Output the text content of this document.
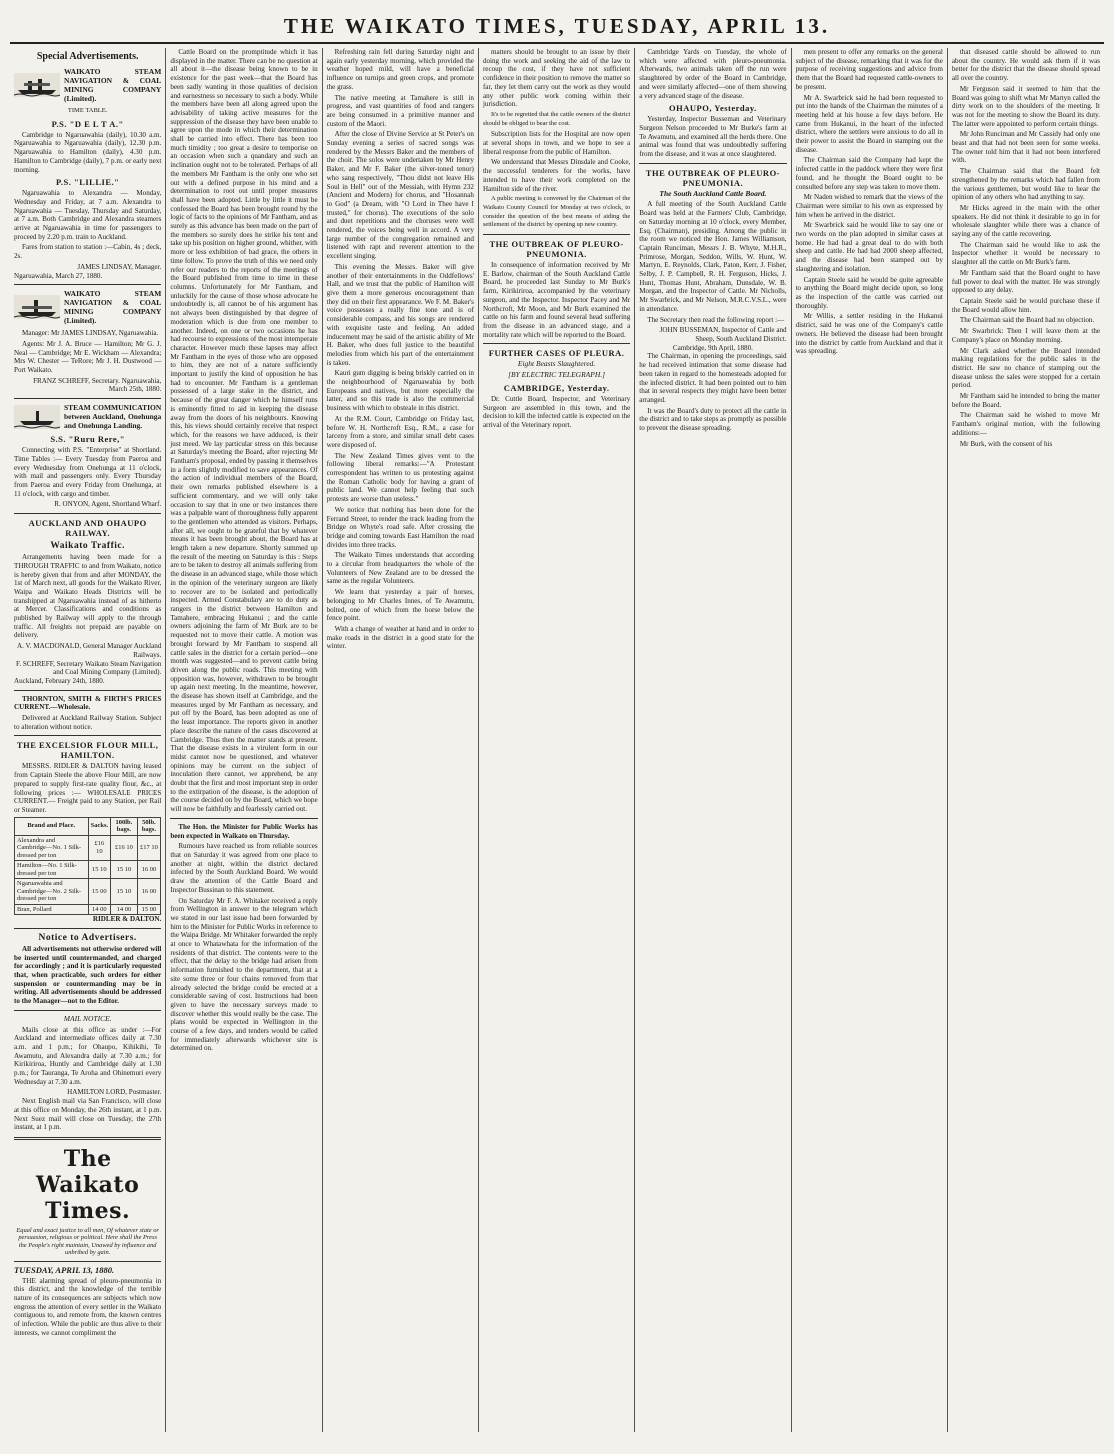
THE WAIKATO TIMES, TUESDAY, APRIL 13.
Special Advertisements.
WAIKATO STEAM NAVIGATION & COAL MINING COMPANY (Limited).
TIME TABLE.
P.S. "D E L T A."

Cambridge to Ngaruawahia (daily), 10.30 a.m. Ngaruawahia to Ngaruawahia (daily), 12.30 p.m. Ngaruawahia to Hamilton (daily), 4.30 p.m. Hamilton to Cambridge (daily), 7 p.m. or early next morning.

P.S. "LILLIE."

Ngaruawahia to Alexandra — Monday, Wednesday and Friday, at 7 a.m. Alexandra to Ngaruawahia — Tuesday, Thursday and Saturday, at 7 a.m. Both Cambridge and Alexandra steamers arrive at Ngaruawahia in time for passengers to proceed by 2.20 p.m. train to Auckland.

Fares from station to station :—Cabin, 4s ; deck, 2s.

JAMES LINDSAY, Manager.
Ngaruawahia, March 27, 1880.
WAIKATO STEAM NAVIGATION & COAL MINING COMPANY (Limited).

Manager: Mr JAMES LINDSAY, Ngaruawahia.

Agents: Mr J. A. Bruce — Hamilton; Mr G. J. Neal — Cambridge; Mr E. Wickham — Alexandra; Mrs W. Chester — TeRore; Mr J. H. Dustwood — Port Waikato.

FRANZ SCHREFF, Secretary. Ngaruawahia, March 25th, 1880.
STEAM COMMUNICATION between Auckland, Onehunga and Onehunga Landing.
S.S. "Ruru Rere,"

Connecting with P.S. "Enterprise" at Shortland. Time Tables :— Every Tuesday from Paeroa and every Wednesday from Onehunga at 11 o'clock, with mail and passengers only. Every Thursday from Paeroa and every Friday from Onehunga, at 11 o'clock, with cargo and timber.

R. ONYON, Agent, Shortland Wharf.
AUCKLAND AND OHAUPO RAILWAY.
Waikato Traffic.

Arrangements having been made for a THROUGH TRAFFIC to and from Waikato, notice is hereby given that from and after MONDAY, the 1st of March next, all goods for the Waikato River, Waipa and Waikato Heads Districts will be transhipped at Ngaruawahia instead of as hitherto at Mercer. Classifications and conditions as published by Railway will apply to the through traffic. All freights not prepaid are payable on delivery.

A. V. MACDONALD, General Manager Auckland Railways.
F. SCHREFF, Secretary Waikato Steam Navigation and Coal Mining Company (Limited).
Auckland, February 24th, 1880.

THORNTON, SMITH & FIRTH'S PRICES CURRENT.—Wholesale.

Delivered at Auckland Railway Station. Subject to alteration without notice.

THE EXCELSIOR FLOUR MILL, HAMILTON.

MESSRS. RIDLER & DALTON having leased from Captain Steele the above Flour Mill, are now prepared to supply first-rate quality flour, &c., at following prices :— WHOLESALE PRICES CURRENT.— Freight paid to any Station, per Rail or Steamer.

Brand and Place.	Sacks.	100lb. bags.	50lb. bags.
Alexandra and Cambridge—No. 1 Silk-dressed per ton	£16 10	£16 10	£17 10
Hamilton—No. 1 Silk-dressed per ton	15 10	15 10	16 00
Ngaruawahia and Cambridge—No. 2 Silk-dressed per ton	15 00	15 10	16 00
Bran, Pollard	14 00	14 00	15 00
RIDLER & DALTON.
Notice to Advertisers.

All advertisements not otherwise ordered will be inserted until countermanded, and charged for accordingly ; and it is particularly requested that, when practicable, such orders for either suspension or countermanding may be in writing. All advertisements should be addressed to the Manager—not to the Editor.

MAIL NOTICE.

Mails close at this office as under :—For Auckland and intermediate offices daily at 7.30 a.m. and 1 p.m.; for Ohaupo, Kihikihi, Te Awamutu, and Alexandra daily at 7.30 a.m.; for Kirikiriroa, Huntly and Cambridge daily at 1.30 p.m.; for Tauranga, Te Aroha and Ohinemuri every Wednesday at 7.30 a.m.

HAMILTON LORD, Postmaster.

Next English mail via San Francisco, will close at this office on Monday, the 26th instant, at 1 p.m. Next Suez mail will close on Tuesday, the 27th instant, at 1 p.m.

The Waikato Times.
Equal and exact justice to all men, Of whatever state or persuasion, religious or political. Here shall the Press the People's right maintain, Unawed by influence and unbribed by gain.

TUESDAY, APRIL 13, 1880.

THE alarming spread of pleuro-pneumonia in this district, and the knowledge of the terrible nature of its consequences are subjects which now engross the attention of every settler in the Waikato contiguous to, and remote from, the known centres of infection. While the public are thus alive to their interests, we cannot compliment the

Cattle Board on the promptitude which it has displayed in the matter. There can be no question at all about it—the disease being known to be in existence for the past week—that the Board has been sadly wanting in those qualities of decision and earnestness so necessary to such a body. While the members have been all along agreed upon the advisability of taking active measures for the suppression of the disease they have been unable to agree upon the mode in which their determination shall be carried into effect. There has been too much timidity ; too great a desire to temporise on an occasion when such a quandary and such an inclination ought not to be tolerated. Perhaps of all the members Mr Fantham is the only one who set out with a defined purpose in his mind and a determination to root out until proper measures shall have been adopted. Little by little it must be confessed the Board has been brought round by the logic of facts to the opinions of Mr Fantham, and as surely as this advance has been made on the part of the members so surely does he strike his tent and take up his position on higher ground, whither, with more or less exhibition of bad grace, the others in time follow. To prove the truth of this we need only refer our readers to the reports of the meetings of the Board published from time to time in these columns. Unfortunately for Mr Fantham, and unluckily for the cause of those whose advocate he undoubtedly is, all cannot be of his argument has not always been distinguished by that degree of moderation which is due from one member to another. Indeed, on one or two occasions he has had recourse to expressions of the most intemperate character. However much these lapses may affect Mr Fantham in the eyes of those who are opposed to him, they are not of a nature sufficiently important to justify the kind of opposition he has had to encounter. Mr Fantham is a gentleman possessed of a large stake in the district, and because of the great danger which he himself runs is eminently fitted to aid in keeping the disease away from the doors of his neighbours. Knowing this, his views should certainly receive that respect which, for the reasons we have adduced, is their just meed. We lay particular stress on this because at Saturday's meeting the Board, after rejecting Mr Fantham's proposal, ended by passing it themselves in a form slightly modified to save appearances. Of the action of individual members of the Board, their own remarks published elsewhere is a sufficient commentary, and we will only take occasion to say that in one or two instances there was a palpable want of thoroughness fully apparent to the gentlemen who attended as visitors. Perhaps, after all, we ought to be grateful that by whatever means it has been brought about, the Board has at length taken a new departure. Shortly summed up the result of the meeting on Saturday is this : Steps are to be taken to destroy all animals suffering from the disease in an advanced stage, while those which in the opinion of the veterinary surgeon are likely to recover are to be isolated and periodically inspected. Armed Constabulary are to do duty as rangers in the district between Hamilton and Tamahere, embracing Hukanui ; and the cattle owners adjoining the farm of Mr Burk are to be requested not to move their cattle. A motion was brought forward by Mr Fantham to suspend all cattle sales in the district for a certain period—one month was suggested—and to prevent cattle being driven along the public roads. This meeting with opposition was, however, withdrawn to be brought up again next meeting. In the meantime, however, the disease has shown itself at Cambridge, and the measures urged by Mr Fantham as necessary, and put off by the Board, has been adopted as one of the least importance. The reports given in another place describe the nature of the cases discovered at Cambridge. Thus then the matter stands at present. That the disease exists in a virulent form in our midst cannot now be questioned, and whatever opinions may be current on the subject of inoculation there cannot, we apprehend, be any doubt that the first and most important step in order to the extirpation of the disease, is the adoption of the course decided on by the Board, which we hope will now be faithfully and fearlessly carried out.

The Hon. the Minister for Public Works has been expected in Waikato on Thursday.

Rumours have reached us from reliable sources that on Saturday it was agreed from one place to another at night, within the district declared infected by the South Auckland Board. We would draw the attention of the Cattle Board and Inspector Bussinan to this statement.

On Saturday Mr F. A. Whitaker received a reply from Wellington in answer to the telegram which we stated in our last issue had been forwarded by him to the Minister for Public Works in reference to the Waipa Bridge. Mr Whitaker forwarded the reply at once to Whatawhata for the information of the residents of that district. The contents were to the effect, that the delay to the bridge had arisen from information furnished to the department, that at a site some three or four chains removed from that already selected the bridge could be erected at a considerable saving of cost. Instructions had been given to have the necessary surveys made to discover whether this would really be the case. The plans would be expected in Wellington in the course of a few days, and tenders would be called for immediately afterwards whichever site is determined on.

Refreshing rain fell during Saturday night and again early yesterday morning, which provided the weather hoped mild, will have a beneficial influence on turnips and green crops, and promote the grass.

The native meeting at Tamahere is still in progress, and vast quantities of food and rangers are being consumed in a primitive manner and custom of the Maori.

After the close of Divine Service at St Peter's on Sunday evening a series of sacred songs was rendered by the Messrs Baker and the members of the choir. The solos were undertaken by Mr Henry Baker, and Mr F. Baker (the silver-toned tenor) who sang respectively, "Thou didst not leave His Soul in Hell" out of the Messiah, with Hymn 232 (Ancient and Modern) for chorus, and "Hosannah to God" (a Dream, with "O Lord in Thee have I trusted," for chorus). The executions of the solo and duet repetitions and the choruses were well rendered, the voices being well in accord. A very large number of the congregation remained and listened with rapt and reverent attention to the excellent singing.

This evening the Messrs. Baker will give another of their entertainments in the Oddfellows' Hall, and we trust that the public of Hamilton will give them a more generous encouragement than they did on their first appearance. We F. M. Baker's voice possesses a really fine tone and is of considerable compass, and his songs are rendered with exquisite taste and feeling. An added inducement may be said of the artistic ability of Mr H. Baker, who does full justice to the beautiful melodies from which his part of the entertainment is taken.

Kauri gum digging is being briskly carried on in the neighbourhood of Ngaruawahia by both Europeans and natives, but more especially the latter, and so this trade is also the commercial business with which to obsteale in this district.

At the R.M. Court, Cambridge on Friday last, before W. H. Northcroft Esq., R.M., a case for larceny from a store, and similar small debt cases were disposed of.

The New Zealand Times gives vent to the following liberal remarks:—"A Protestant correspondent has written to us protesting against the Roman Catholic body for having a grant of public land. We cannot help feeling that such protests are worse than useless."

We notice that nothing has been done for the Ferrand Street, to render the track leading from the Bridge on Whyte's road safe. After crossing the bridge and coming towards East Hamilton the road divides into three tracks.

The Waikato Times understands that according to a circular from headquarters the whole of the Volunteers of New Zealand are to be dressed the same as the regular Volunteers.

We learn that yesterday a pair of horses, belonging to Mr Charles Innes, of Te Awamutu, bolted, one of which from the horse below the fence point.

With a change of weather at hand and in order to make roads in the district in a good state for the winter.

matters should be brought to an issue by their doing the work and seeking the aid of the law to recoup the cost, if they have not sufficient confidence in their position to remove the matter so far, they let them carry out the work as they would any other public work coming within their jurisdiction.

It's to be regretted that the cattle owners of the district should be obliged to bear the cost.

Subscription lists for the Hospital are now open at several shops in town, and we hope to see a liberal response from the public of Hamilton.

We understand that Messrs Dinsdale and Cooke, the successful tenderers for the works, have intended to have their work completed on the Hamilton side of the river.

A public meeting is convened by the Chairman of the Waikato County Council for Monday at two o'clock, to consider the question of the best means of aiding the settlement of the district by opening up new country.

THE OUTBREAK OF PLEURO-PNEUMONIA.

In consequence of information received by Mr E. Barlow, chairman of the South Auckland Cattle Board, he proceeded last Sunday to Mr Burk's farm, Kirikiriroa, accompanied by the veterinary surgeon, and the Inspector. Inspector Pacey and Mr Northcroft, Mr Moon, and Mr Burk examined the cattle on his farm and found several head suffering from the disease in an advanced stage, and a mortality rate which will be reported to the Board.

FURTHER CASES OF PLEURA.
Eight Beasts Slaughtered.
[BY ELECTRIC TELEGRAPH.]
CAMBRIDGE, Yesterday.

Dr. Cuttle Board, Inspector, and Veterinary Surgeon are assembled in this town, and the decision to kill the infected cattle is expected on the arrival of the Veterinary report.

Cambridge Yards on Tuesday, the whole of which were affected with pleuro-pneumonia. Afterwards, two animals taken off the run were slaughtered by order of the Board in Cambridge, and were similarly affected—one of them showing a very advanced stage of the disease.

OHAUPO, Yesterday.

Yesterday, Inspector Busseman and Veterinary Surgeon Nelson proceeded to Mr Burke's farm at Te Awamutu, and examined all the herds there. One animal was found that was undoubtedly suffering from the disease, and it was at once slaughtered.

THE OUTBREAK OF PLEURO-PNEUMONIA.
The South Auckland Cattle Board.

A full meeting of the South Auckland Cattle Board was held at the Farmers' Club, Cambridge, on Saturday morning at 10 o'clock, every Member, Esq. (Chairman), presiding. Among the public in the room we noticed the Hon. James Williamson, Captain Runciman, Messrs J. B. Whyte, M.H.R., Primrose, Morgan, Seddon, Wills, W. Hunt, W. Martyn, E. Reynolds, Clark, Paton, Kerr, J. Fisher, Selby, J. P. Campbell, R. H. Ferguson, Hicks, J. Hunt, Thomas Hunt, Abraham, Dunsdale, W. B. Morgan, and the Inspector of Cattle. Mr Nicholls, Mr Swarbrick, and Mr Nelson, M.R.C.V.S.L., were in attendance.

The Secretary then read the following report :—

JOHN BUSSEMAN, Inspector of Cattle and Sheep, South Auckland District.
Cambridge, 9th April, 1880.

The Chairman, in opening the proceedings, said he had received intimation that some disease had been taken in regard to the homesteads adopted for the infected district. It had been pointed out to him that in several respects they might have been better arranged.

It was the Board's duty to protect all the cattle in the district and to take steps as promptly as possible to prevent the disease spreading.

men present to offer any remarks on the general subject of the disease, remarking that it was for the purpose of receiving suggestions and advice from them that the Board had requested cattle-owners to be present.

Mr A. Swarbrick said he had been requested to put into the hands of the Chairman the minutes of a meeting held at his house a few days before. He came from Hukanui, in the heart of the infected district, where the settlers were anxious to do all in their power to assist the Board in stamping out the disease.

The Chairman said the Company had kept the infected cattle in the paddock where they were first found, and he thought the Board ought to be consulted before any step was taken to move them.

Mr Naden wished to remark that the views of the Chairman were similar to his own as expressed by him when he arrived in the district.

Mr Swarbrick said he would like to say one or two words on the plan adopted in similar cases at home. He had had a great deal to do with both sheep and cattle. He had had 2000 sheep affected, and the disease had been stamped out by slaughtering and isolation.

Captain Steele said he would be quite agreeable to anything the Board might decide upon, so long as the inspection of the cattle was carried out thoroughly.

Mr Willis, a settler residing in the Hukanui district, said he was one of the Company's cattle owners. He believed the disease had been brought into the district by cattle from Auckland and that it was spreading.

that diseased cattle should be allowed to run about the country. He would ask them if it was better for the district that the disease should spread all over the country.

Mr Ferguson said it seemed to him that the Board was going to shift what Mr Martyn called the dirty work on to the shoulders of the meeting. It was not for the meeting to show the Board its duty. The latter were appointed to perform certain things.

Mr John Runciman and Mr Cassidy had only one beast and that had not been seen for some weeks. The owner told him that it had not been interfered with.

The Chairman said that the Board felt strengthened by the remarks which had fallen from the various gentlemen, but would like to hear the opinion of any others who had anything to say.

Mr Hicks agreed in the main with the other speakers. He did not think it desirable to go in for wholesale slaughter while there was a chance of saying any of the cattle recovering.

The Chairman said he would like to ask the Inspector whether it would be necessary to slaughter all the cattle on Mr Burk's farm.

Mr Fantham said that the Board ought to have full power to deal with the matter. He was strongly opposed to any delay.

Captain Steele said he would purchase these if the Board would allow him.

The Chairman said the Board had no objection.

Mr Swarbrick: Then I will leave them at the Company's place on Monday morning.

Mr Clark asked whether the Board intended making regulations for the public sales in the district. He saw no chance of stamping out the disease unless the sales were stopped for a certain period.

Mr Fantham said he intended to bring the matter before the Board.

The Chairman said he wished to move Mr Fantham's original motion, with the following additions:—

Mr Burk, with the consent of his
